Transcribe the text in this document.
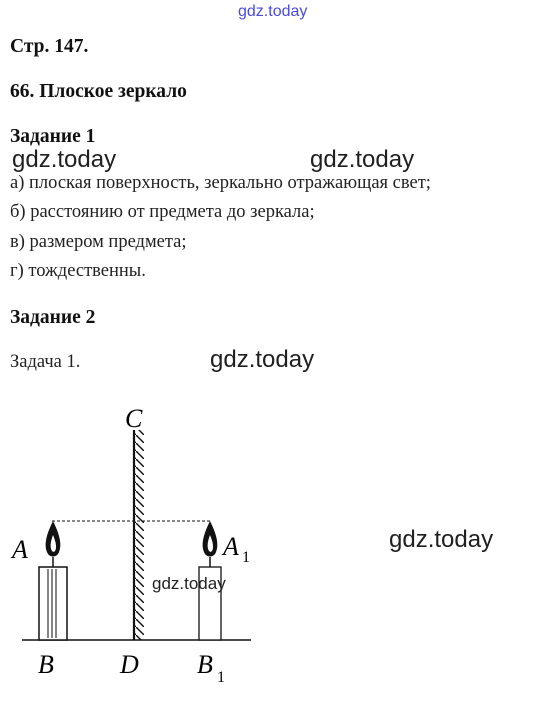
gdz.today
gdz.today	gdz.today
gdz.today
gdz.today
Стр. 147.
66. Плоское зеркало
Задание 1
а) плоская поверхность, зеркально отражающая свет;
б) расстоянию от предмета до зеркала;
в) размером предмета;
г) тождественны.
Задание 2
Задача 1.
C
A	A 1
B	D B 1
gdz.today
